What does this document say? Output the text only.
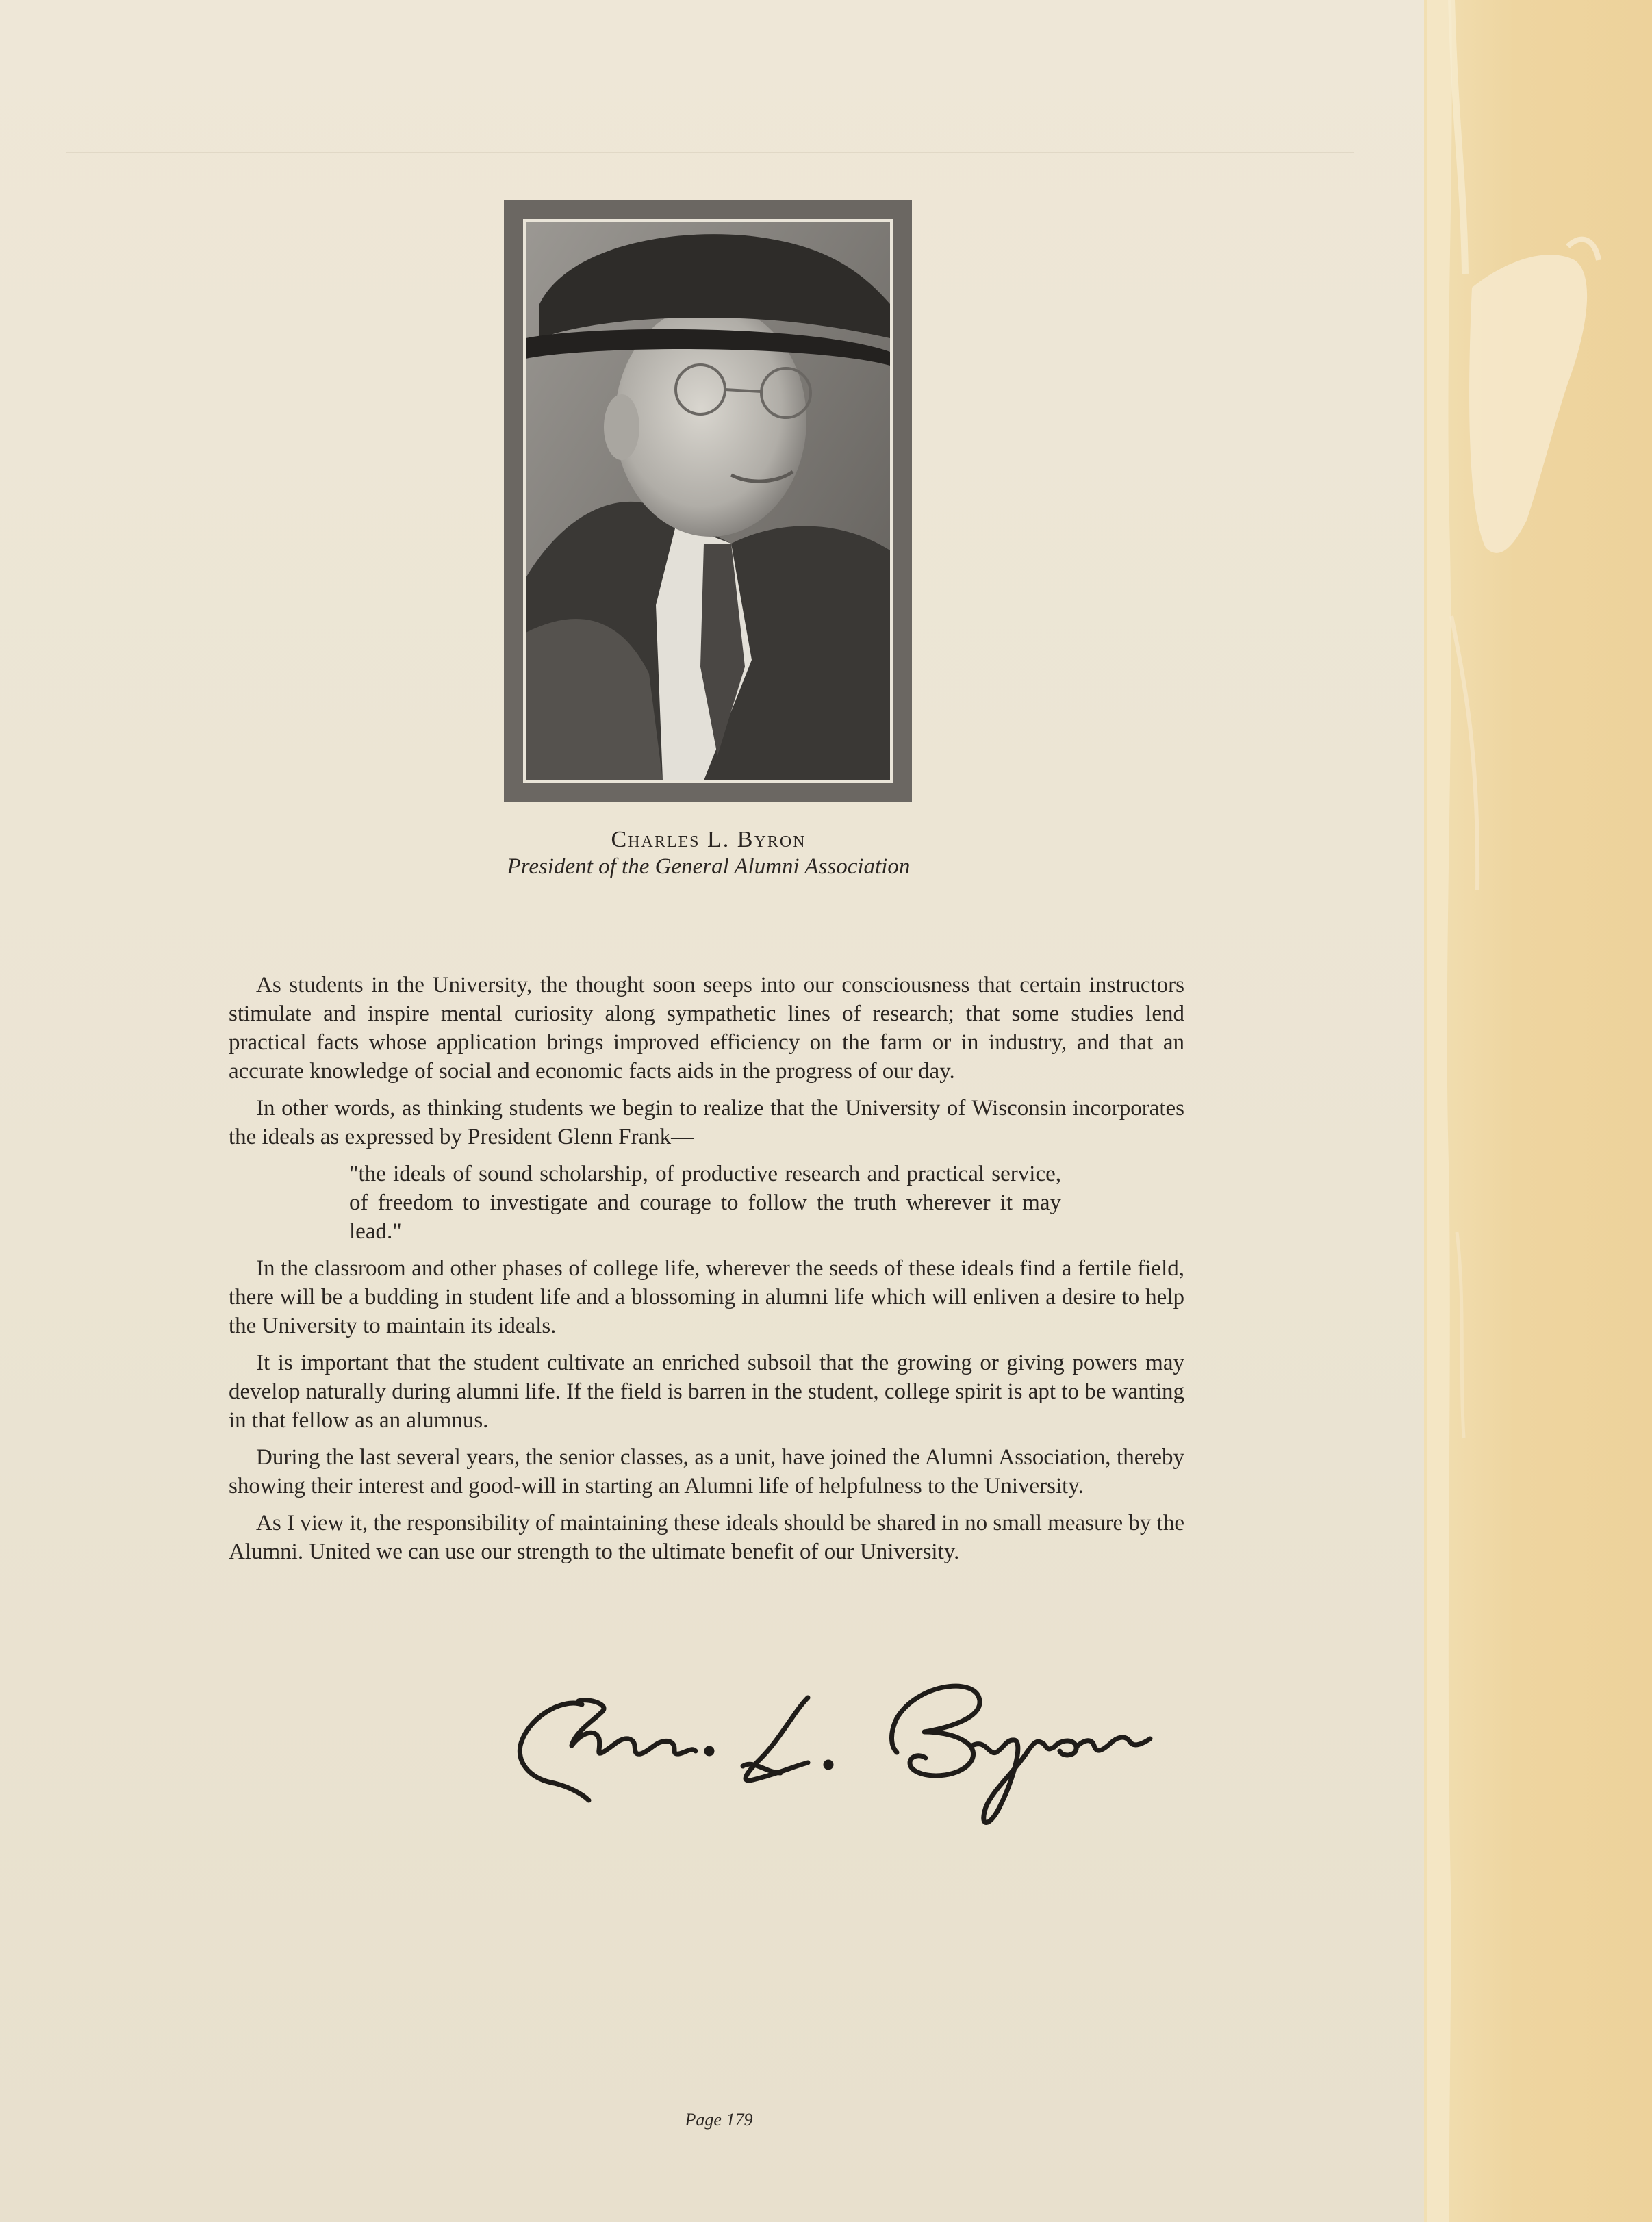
Charles L. Byron
President of the General Alumni Association

As students in the University, the thought soon seeps into our consciousness that certain instructors stimulate and inspire mental curiosity along sympathetic lines of research; that some studies lend practical facts whose application brings improved efficiency on the farm or in industry, and that an accurate knowledge of social and economic facts aids in the progress of our day.

In other words, as thinking students we begin to realize that the University of Wisconsin incorporates the ideals as expressed by President Glenn Frank—

"the ideals of sound scholarship, of productive research and practical service, of freedom to investigate and courage to follow the truth wherever it may lead."

In the classroom and other phases of college life, wherever the seeds of these ideals find a fertile field, there will be a budding in student life and a blossoming in alumni life which will enliven a desire to help the University to maintain its ideals.

It is important that the student cultivate an enriched subsoil that the growing or giving powers may develop naturally during alumni life. If the field is barren in the student, college spirit is apt to be wanting in that fellow as an alumnus.

During the last several years, the senior classes, as a unit, have joined the Alumni Association, thereby showing their interest and good-will in starting an Alumni life of helpfulness to the University.

As I view it, the responsibility of maintaining these ideals should be shared in no small measure by the Alumni. United we can use our strength to the ultimate benefit of our University.

Page 179
